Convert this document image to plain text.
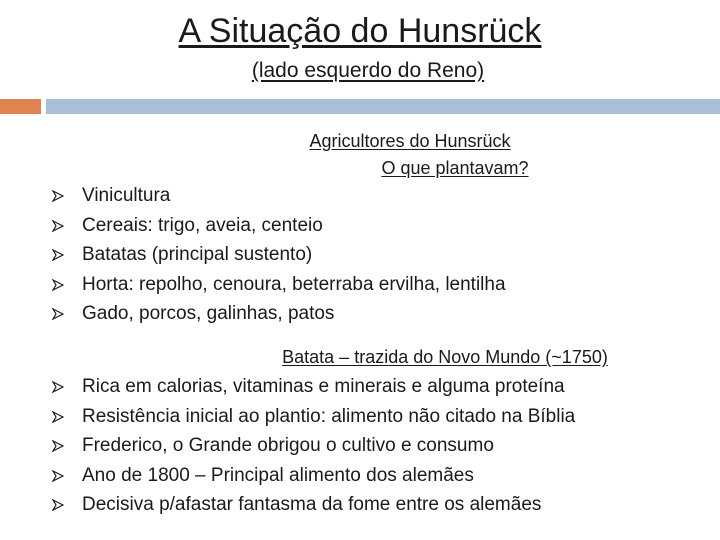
A Situação do Hunsrück
(lado esquerdo do Reno)
Agricultores do Hunsrück
O que plantavam?
Vinicultura
Cereais: trigo, aveia, centeio
Batatas (principal sustento)
Horta: repolho, cenoura, beterraba ervilha, lentilha
Gado, porcos, galinhas, patos
Batata – trazida do Novo Mundo (~1750)
Rica em calorias, vitaminas e minerais e alguma proteína
Resistência inicial ao plantio: alimento não citado na Bíblia
Frederico, o Grande obrigou o cultivo e consumo
Ano de 1800 – Principal alimento dos alemães
Decisiva p/afastar fantasma da fome entre os alemães
